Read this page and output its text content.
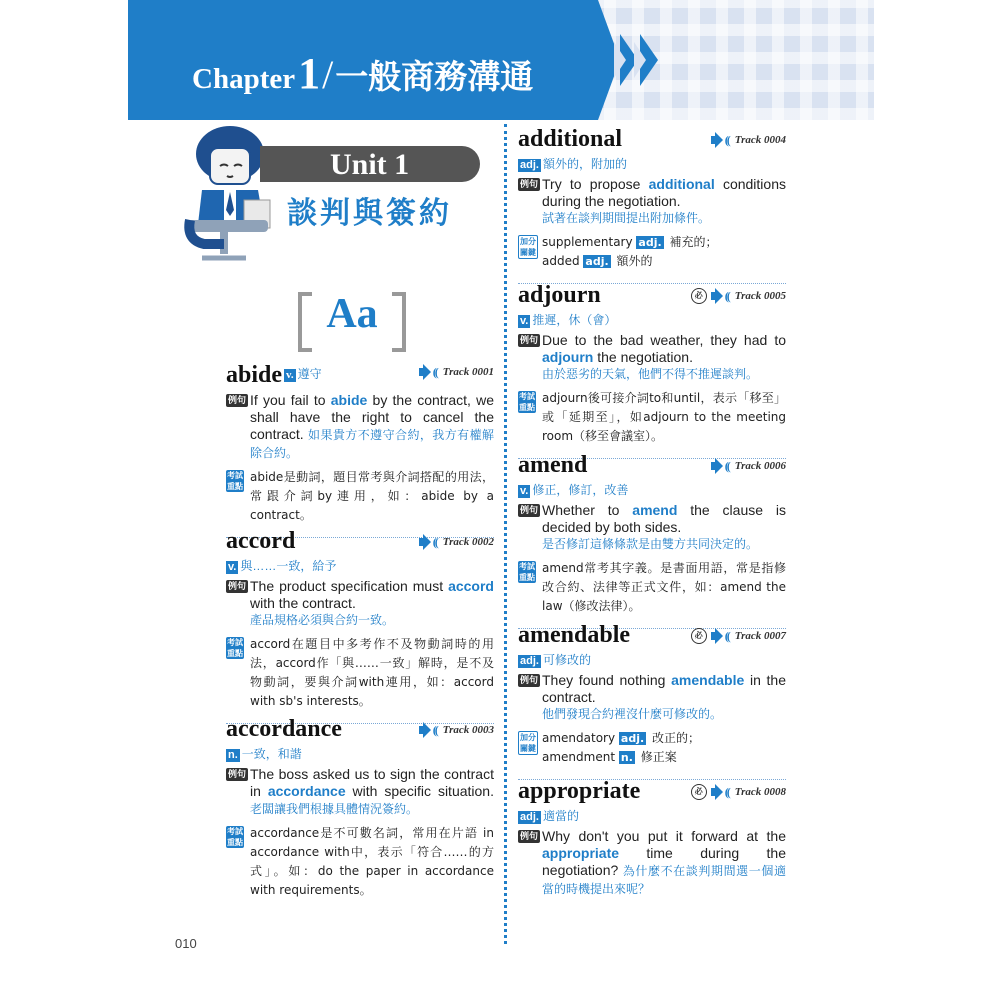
Chapter 1 / 一般商務溝通
Unit 1
談判與簽約
Aa
abide v. 遵守	(( Track 0001
例句 If you fail to abide by the contract, we shall have the right to cancel the contract. 如果貴方不遵守合約，我方有權解除合約。
考試重點
abide是動詞，題目常考與介詞搭配的用法，常跟介詞by連用，如：abide by a contract。
accord	(( Track 0002
v. 與……一致，給予
例句 The product specification must accord with the contract.
產品規格必須與合約一致。
考試重點
accord在題目中多考作不及物動詞時的用法，accord作「與……一致」解時，是不及物動詞，要與介詞with連用，如：accord with sb's interests。
accordance	(( Track 0003
n. 一致，和諧
例句 The boss asked us to sign the contract in accordance with specific situation. 老闆讓我們根據具體情況簽約。
考試重點
accordance是不可數名詞，常用在片語 in accordance with中，表示「符合……的方式」。如：do the paper in accordance with requirements。
additional	(( Track 0004
adj. 額外的，附加的
例句 Try to propose additional conditions during the negotiation.
試著在談判期間提出附加條件。
加分關鍵
supplementary adj. 補充的；
added adj. 額外的
adjourn	必	(( Track 0005
v. 推遲，休（會）
例句 Due to the bad weather, they had to adjourn the negotiation.
由於惡劣的天氣，他們不得不推遲談判。
考試重點
adjourn後可接介詞to和until，表示「移至」或「延期至」，如adjourn to the meeting room（移至會議室）。
amend	(( Track 0006
v. 修正，修訂，改善
例句 Whether to amend the clause is decided by both sides.
是否修訂這條條款是由雙方共同決定的。
考試重點
amend常考其字義。是書面用語，常是指修改合約、法律等正式文件，如：amend the law（修改法律）。
amendable	必	(( Track 0007
adj. 可修改的
例句 They found nothing amendable in the contract.
他們發現合約裡沒什麼可修改的。
加分關鍵
amendatory adj. 改正的；
amendment n. 修正案
appropriate	必	(( Track 0008
adj. 適當的
例句 Why don't you put it forward at the appropriate time during the negotiation? 為什麼不在談判期間選一個適當的時機提出來呢？
010
